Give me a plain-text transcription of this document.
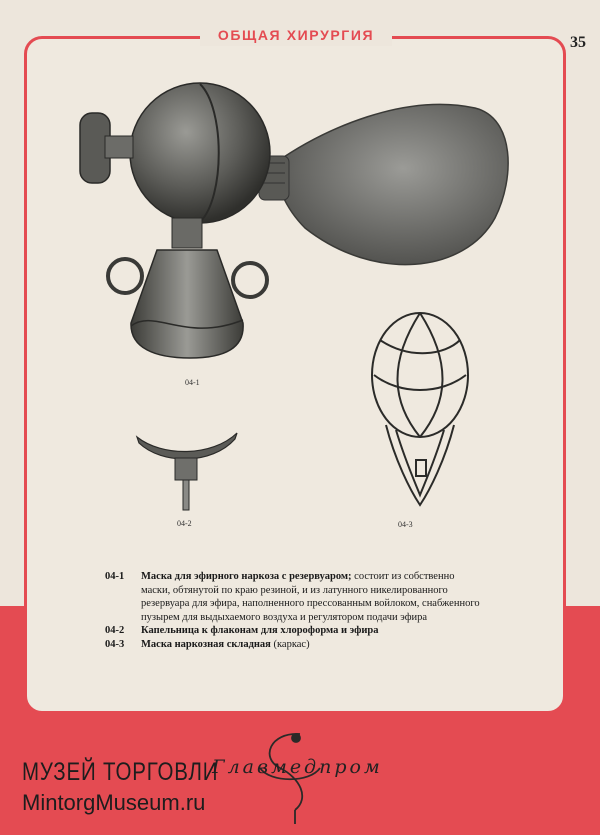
ОБЩАЯ ХИРУРГИЯ	35
04-1
04-3
04-2
04-1	Маска для эфирного наркоза с резервуаром; состоит из собственно маски, обтянутой по краю резиной, и из латунного никелированного резервуара для эфира, наполненного прессованным войлоком, снабженного пузырем для выдыхаемого воздуха и регулятором подачи эфира
04-2	Капельница к флаконам для хлороформа и эфира
04-3	Маска наркозная складная (каркас)
Главмедпром
МУЗЕЙ ТОРГОВЛИ
MintorgMuseum.ru
